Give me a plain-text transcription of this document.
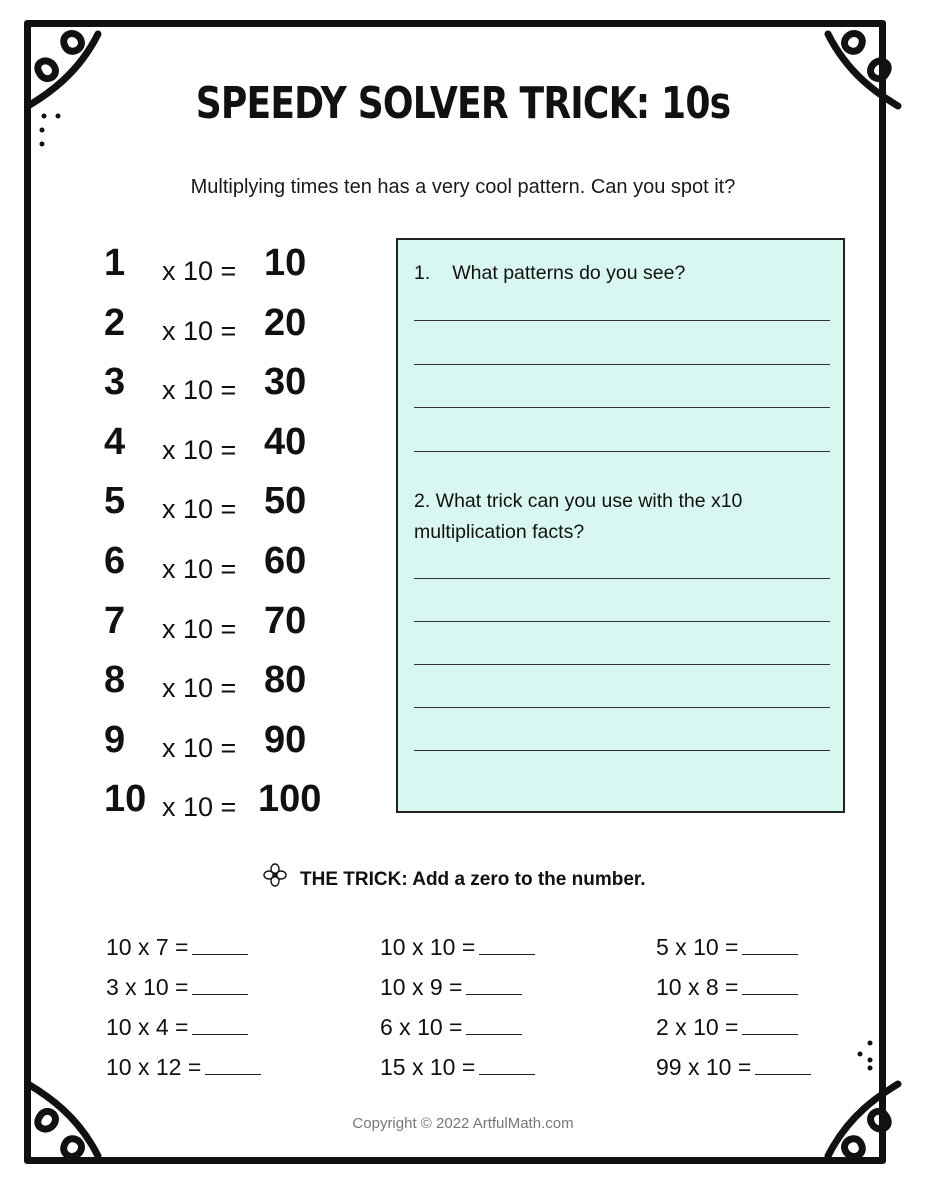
SPEEDY SOLVER TRICK: 10s
Multiplying times ten has a very cool pattern. Can you spot it?
1 x 10 = 10
2 x 10 = 20
3 x 10 = 30
4 x 10 = 40
5 x 10 = 50
6 x 10 = 60
7 x 10 = 70
8 x 10 = 80
9 x 10 = 90
10 x 10 = 100
1. What patterns do you see?
2. What trick can you use with the x10 multiplication facts?
THE TRICK: Add a zero to the number.
10 x 7 =	10 x 10 =	5 x 10 =
3 x 10 =	10 x 9 =	10 x 8 =
10 x 4 =	6 x 10 =	2 x 10 =
10 x 12 =	15 x 10 =	99 x 10 =
Copyright © 2022 ArtfulMath.com
